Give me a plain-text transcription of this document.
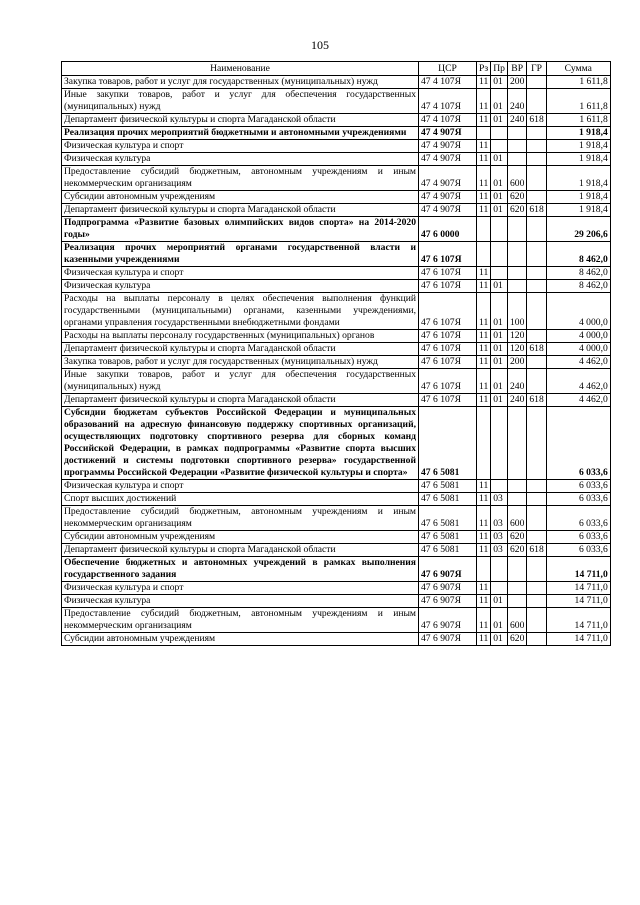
105
Наименование	ЦСР	Рз	Пр	ВР	ГР	Сумма
Закупка товаров, работ и услуг для государственных (муниципальных) нужд	47 4 107Я	11	01	200		1 611,8
Иные закупки товаров, работ и услуг для обеспечения государственных (муниципальных) нужд	47 4 107Я	11	01	240		1 611,8
Департамент физической культуры и спорта Магаданской области	47 4 107Я	11	01	240	618	1 611,8
Реализация прочих мероприятий бюджетными и автономными учреждениями	47 4 907Я					1 918,4
Физическая культура и спорт	47 4 907Я	11				1 918,4
Физическая культура	47 4 907Я	11	01			1 918,4
Предоставление субсидий бюджетным, автономным учреждениям и иным некоммерческим организациям	47 4 907Я	11	01	600		1 918,4
Субсидии автономным учреждениям	47 4 907Я	11	01	620		1 918,4
Департамент физической культуры и спорта Магаданской области	47 4 907Я	11	01	620	618	1 918,4
Подпрограмма «Развитие базовых олимпийских видов спорта» на 2014-2020 годы»	47 6 0000					29 206,6
Реализация прочих мероприятий органами государственной власти и казенными учреждениями	47 6 107Я					8 462,0
Физическая культура и спорт	47 6 107Я	11				8 462,0
Физическая культура	47 6 107Я	11	01			8 462,0
Расходы на выплаты персоналу в целях обеспечения выполнения функций государственными (муниципальными) органами, казенными учреждениями, органами управления государственными внебюджетными фондами	47 6 107Я	11	01	100		4 000,0
Расходы на выплаты персоналу государственных (муниципальных) органов	47 6 107Я	11	01	120		4 000,0
Департамент физической культуры и спорта Магаданской области	47 6 107Я	11	01	120	618	4 000,0
Закупка товаров, работ и услуг для государственных (муниципальных) нужд	47 6 107Я	11	01	200		4 462,0
Иные закупки товаров, работ и услуг для обеспечения государственных (муниципальных) нужд	47 6 107Я	11	01	240		4 462,0
Департамент физической культуры и спорта Магаданской области	47 6 107Я	11	01	240	618	4 462,0
Субсидии бюджетам субъектов Российской Федерации и муниципальных образований на адресную финансовую поддержку спортивных организаций, осуществляющих подготовку спортивного резерва для сборных команд Российской Федерации, в рамках подпрограммы «Развитие спорта высших достижений и системы подготовки спортивного резерва» государственной программы Российской Федерации «Развитие физической культуры и спорта»	47 6 5081					6 033,6
Физическая культура и спорт	47 6 5081	11				6 033,6
Спорт высших достижений	47 6 5081	11	03			6 033,6
Предоставление субсидий бюджетным, автономным учреждениям и иным некоммерческим организациям	47 6 5081	11	03	600		6 033,6
Субсидии автономным учреждениям	47 6 5081	11	03	620		6 033,6
Департамент физической культуры и спорта Магаданской области	47 6 5081	11	03	620	618	6 033,6
Обеспечение бюджетных и автономных учреждений в рамках выполнения государственного задания	47 6 907Я					14 711,0
Физическая культура и спорт	47 6 907Я	11				14 711,0
Физическая культура	47 6 907Я	11	01			14 711,0
Предоставление субсидий бюджетным, автономным учреждениям и иным некоммерческим организациям	47 6 907Я	11	01	600		14 711,0
Субсидии автономным учреждениям	47 6 907Я	11	01	620		14 711,0
